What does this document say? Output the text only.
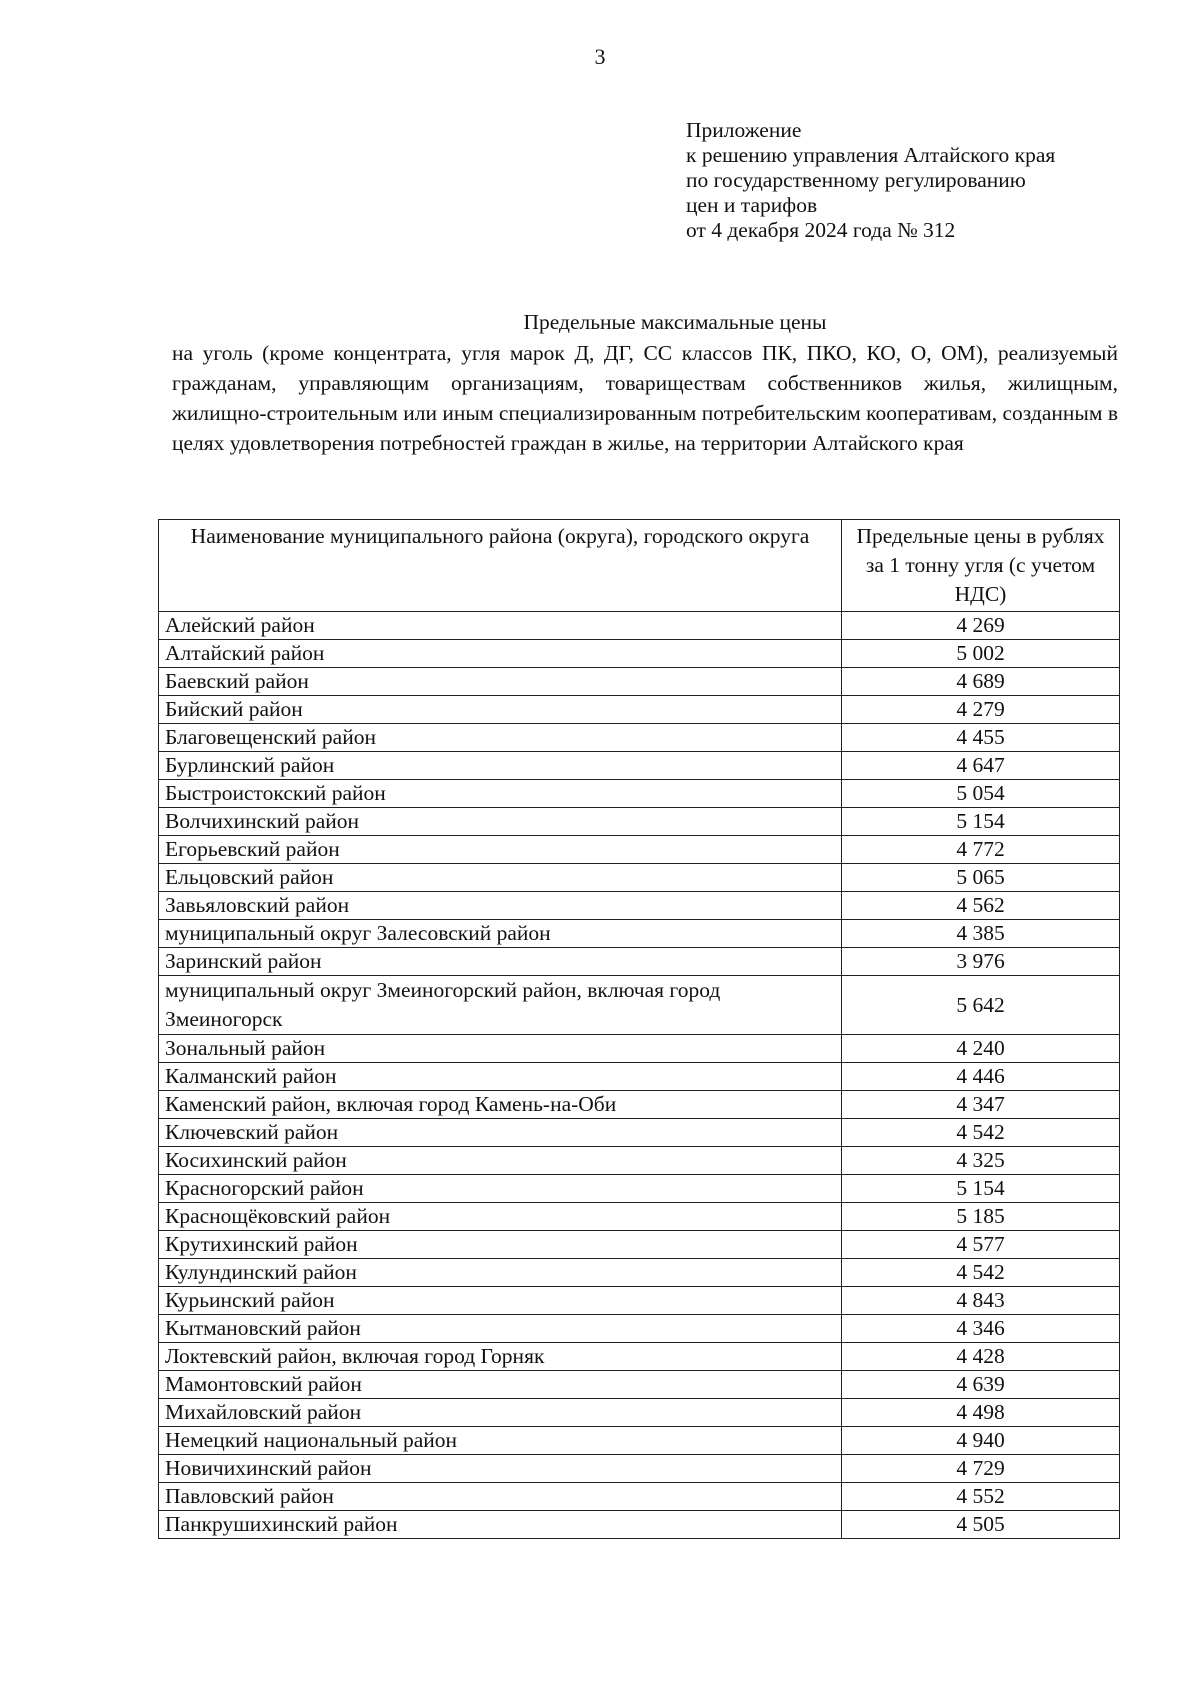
3
Приложение
к решению управления Алтайского края
по государственному регулированию
цен и тарифов
от 4 декабря 2024 года № 312
Предельные максимальные цены
на уголь (кроме концентрата, угля марок Д, ДГ, СС классов ПК, ПКО, КО, О, ОМ), реализуемый гражданам, управляющим организациям, товариществам собственников жилья, жилищным, жилищно-строительным или иным специализированным потребительским кооперативам, созданным в целях удовлетворения потребностей граждан в жилье, на территории Алтайского края
Наименование муниципального района (округа), городского округа	Предельные цены в рублях за 1 тонну угля (с учетом НДС)
Алейский район	4 269
Алтайский район	5 002
Баевский район	4 689
Бийский район	4 279
Благовещенский район	4 455
Бурлинский район	4 647
Быстроистокский район	5 054
Волчихинский район	5 154
Егорьевский район	4 772
Ельцовский район	5 065
Завьяловский район	4 562
муниципальный округ Залесовский район	4 385
Заринский район	3 976
муниципальный округ Змеиногорский район, включая город Змеиногорск	5 642
Зональный район	4 240
Калманский район	4 446
Каменский район, включая город Камень-на-Оби	4 347
Ключевский район	4 542
Косихинский район	4 325
Красногорский район	5 154
Краснощёковский район	5 185
Крутихинский район	4 577
Кулундинский район	4 542
Курьинский район	4 843
Кытмановский район	4 346
Локтевский район, включая город Горняк	4 428
Мамонтовский район	4 639
Михайловский район	4 498
Немецкий национальный район	4 940
Новичихинский район	4 729
Павловский район	4 552
Панкрушихинский район	4 505
